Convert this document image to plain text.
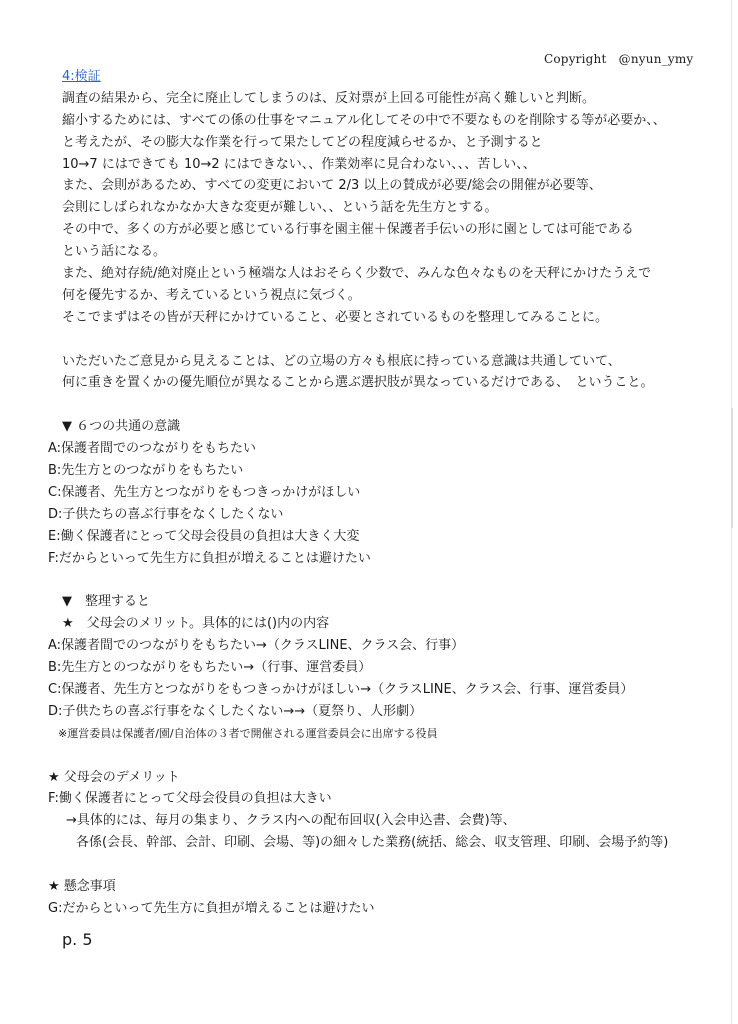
Copyright　@nyun_ymy
4:検証
調査の結果から、完全に廃止してしまうのは、反対票が上回る可能性が高く難しいと判断。
縮小するためには、すべての係の仕事をマニュアル化してその中で不要なものを削除する等が必要か、、
と考えたが、その膨大な作業を行って果たしてどの程度減らせるか、と予測すると
10→7 にはできても 10→2 にはできない、、作業効率に見合わない、、、苦しい、、
また、会則があるため、すべての変更において 2/3 以上の賛成が必要/総会の開催が必要等、
会則にしばられなかなか大きな変更が難しい、、という話を先生方とする。
その中で、多くの方が必要と感じている行事を園主催＋保護者手伝いの形に園としては可能である
という話になる。
また、絶対存続/絶対廃止という極端な人はおそらく少数で、みんな色々なものを天秤にかけたうえで
何を優先するか、考えているという視点に気づく。
そこでまずはその皆が天秤にかけていること、必要とされているものを整理してみることに。
いただいたご意見から見えることは、どの立場の方々も根底に持っている意識は共通していて、
何に重きを置くかの優先順位が異なることから選ぶ選択肢が異なっているだけである、　ということ。
▼ ６つの共通の意識
A:保護者間でのつながりをもちたい
B:先生方とのつながりをもちたい
C:保護者、先生方とつながりをもつきっかけがほしい
D:子供たちの喜ぶ行事をなくしたくない
E:働く保護者にとって父母会役員の負担は大きく大変
F:だからといって先生方に負担が増えることは避けたい
▼　整理すると
★　父母会のメリット。具体的には()内の内容
A:保護者間でのつながりをもちたい→（クラスLINE、クラス会、行事）
B:先生方とのつながりをもちたい→（行事、運営委員）
C:保護者、先生方とつながりをもつきっかけがほしい→（クラスLINE、クラス会、行事、運営委員）
D:子供たちの喜ぶ行事をなくしたくない→→（夏祭り、人形劇）
※運営委員は保護者/園/自治体の３者で開催される運営委員会に出席する役員
★ 父母会のデメリット
F:働く保護者にとって父母会役員の負担は大きい
→具体的には、毎月の集まり、クラス内への配布回収(入会申込書、会費)等、
各係(会長、幹部、会計、印刷、会場、等)の細々した業務(統括、総会、収支管理、印刷、会場予約等)
★ 懸念事項
G:だからといって先生方に負担が増えることは避けたい
p. 5
